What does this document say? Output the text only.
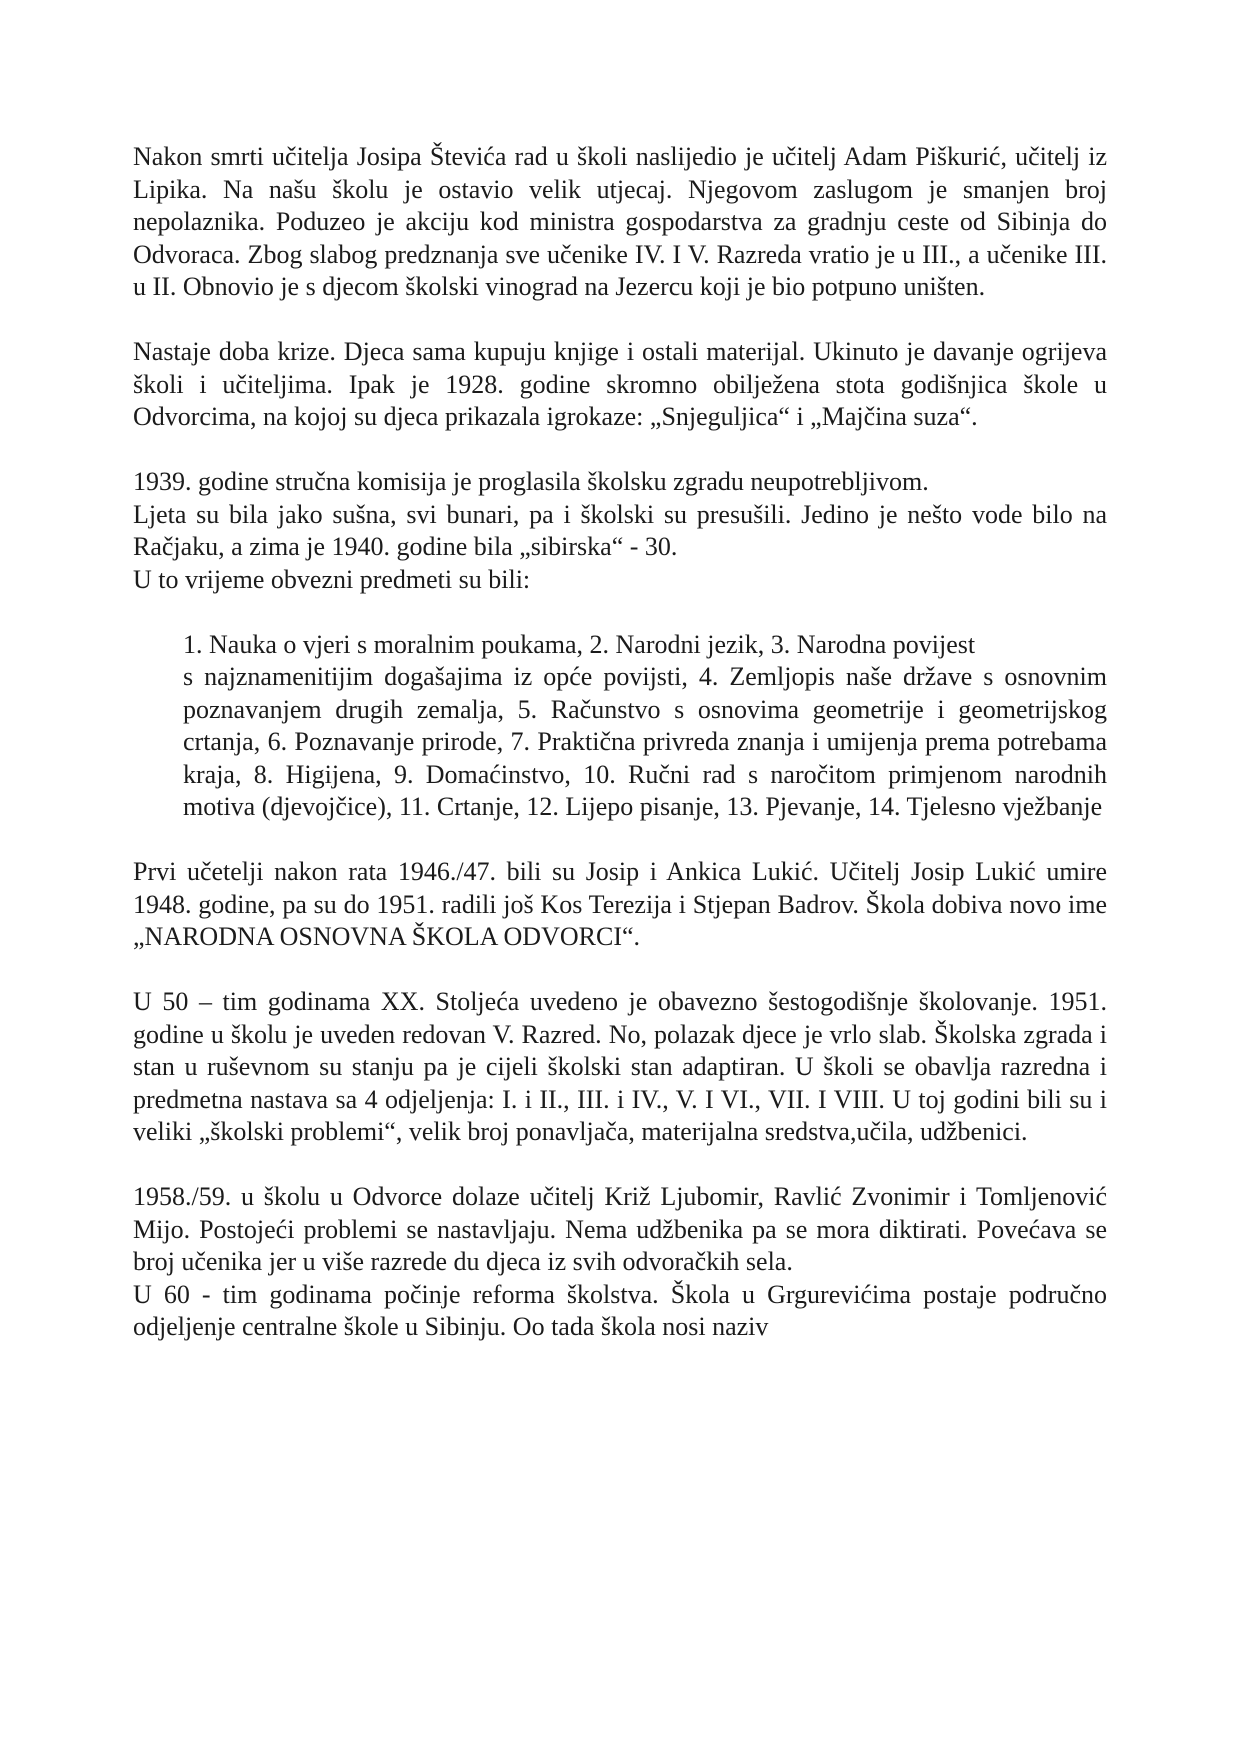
Nakon smrti učitelja Josipa Števića rad u školi naslijedio je učitelj Adam Piškurić, učitelj iz Lipika. Na našu školu je ostavio velik utjecaj. Njegovom zaslugom je smanjen broj nepolaznika. Poduzeo je akciju kod ministra gospodarstva za gradnju ceste od Sibinja do Odvoraca. Zbog slabog predznanja sve učenike IV. I V. Razreda vratio je u III., a učenike III. u II. Obnovio je s djecom školski vinograd na Jezercu koji je bio potpuno uništen.
Nastaje doba krize. Djeca sama kupuju knjige i ostali materijal. Ukinuto je davanje ogrijeva školi i učiteljima. Ipak je 1928. godine skromno obilježena stota godišnjica škole u Odvorcima, na kojoj su djeca prikazala igrokaze: „Snjeguljica“ i „Majčina suza“.
1939. godine stručna komisija je proglasila školsku zgradu neupotrebljivom.
Ljeta su bila jako sušna, svi bunari, pa i školski su presušili. Jedino je nešto vode bilo na Račjaku, a zima je 1940. godine bila „sibirska“ - 30.
U to vrijeme obvezni predmeti su bili:
1. Nauka o vjeri s moralnim poukama, 2. Narodni jezik, 3. Narodna povijest
s najznamenitijim dogašajima iz opće povijsti, 4. Zemljopis naše države s osnovnim poznavanjem drugih zemalja, 5. Računstvo s osnovima geometrije i geometrijskog crtanja, 6. Poznavanje prirode, 7. Praktična privreda znanja i umijenja prema potrebama kraja, 8. Higijena, 9. Domaćinstvo, 10. Ručni rad s naročitom primjenom narodnih motiva (djevojčice), 11. Crtanje, 12. Lijepo pisanje, 13. Pjevanje, 14. Tjelesno vježbanje
Prvi učetelji nakon rata 1946./47. bili su Josip i Ankica Lukić. Učitelj Josip Lukić umire 1948. godine, pa su do 1951. radili još Kos Terezija i Stjepan Badrov. Škola dobiva novo ime „NARODNA OSNOVNA ŠKOLA ODVORCI“.
U 50 – tim godinama XX. Stoljeća uvedeno je obavezno šestogodišnje školovanje. 1951. godine u školu je uveden redovan V. Razred. No, polazak djece je vrlo slab. Školska zgrada i stan u ruševnom su stanju pa je cijeli školski stan adaptiran. U školi se obavlja razredna i predmetna nastava sa 4 odjeljenja: I. i II., III. i IV., V. I VI., VII. I VIII. U toj godini bili su i veliki „školski problemi“, velik broj ponavljača, materijalna sredstva,učila, udžbenici.
1958./59. u školu u Odvorce dolaze učitelj Križ Ljubomir, Ravlić Zvonimir i Tomljenović Mijo. Postojeći problemi se nastavljaju. Nema udžbenika pa se mora diktirati. Povećava se broj učenika jer u više razrede du djeca iz svih odvoračkih sela.
U 60 - tim godinama počinje reforma školstva. Škola u Grgurevićima postaje područno odjeljenje centralne škole u Sibinju. Oo tada škola nosi naziv
